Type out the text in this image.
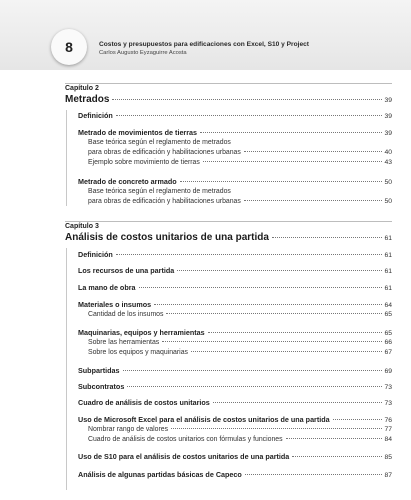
8	Costos y presupuestos para edificaciones con Excel, S10 y Project
Carlos Augusto Eyzaguirre Acosta
Capítulo 2
Metrados	39
Definición	39
Metrado de movimientos de tierras	39
Base teórica según el reglamento de metrados
para obras de edificación y habilitaciones urbanas	40
Ejemplo sobre movimiento de tierras	43
Metrado de concreto armado	50
Base teórica según el reglamento de metrados
para obras de edificación y habilitaciones urbanas	50
Capítulo 3
Análisis de costos unitarios de una partida	61
Definición	61
Los recursos de una partida	61
La mano de obra	61
Materiales o insumos	64
Cantidad de los insumos	65
Maquinarias, equipos y herramientas	65
Sobre las herramientas	66
Sobre los equipos y maquinarias	67
Subpartidas	69
Subcontratos	73
Cuadro de análisis de costos unitarios	73
Uso de Microsoft Excel para el análisis de costos unitarios de una partida	76
Nombrar rango de valores	77
Cuadro de análisis de costos unitarios con fórmulas y funciones	84
Uso de S10 para el análisis de costos unitarios de una partida	85
Análisis de algunas partidas básicas de Capeco	87
